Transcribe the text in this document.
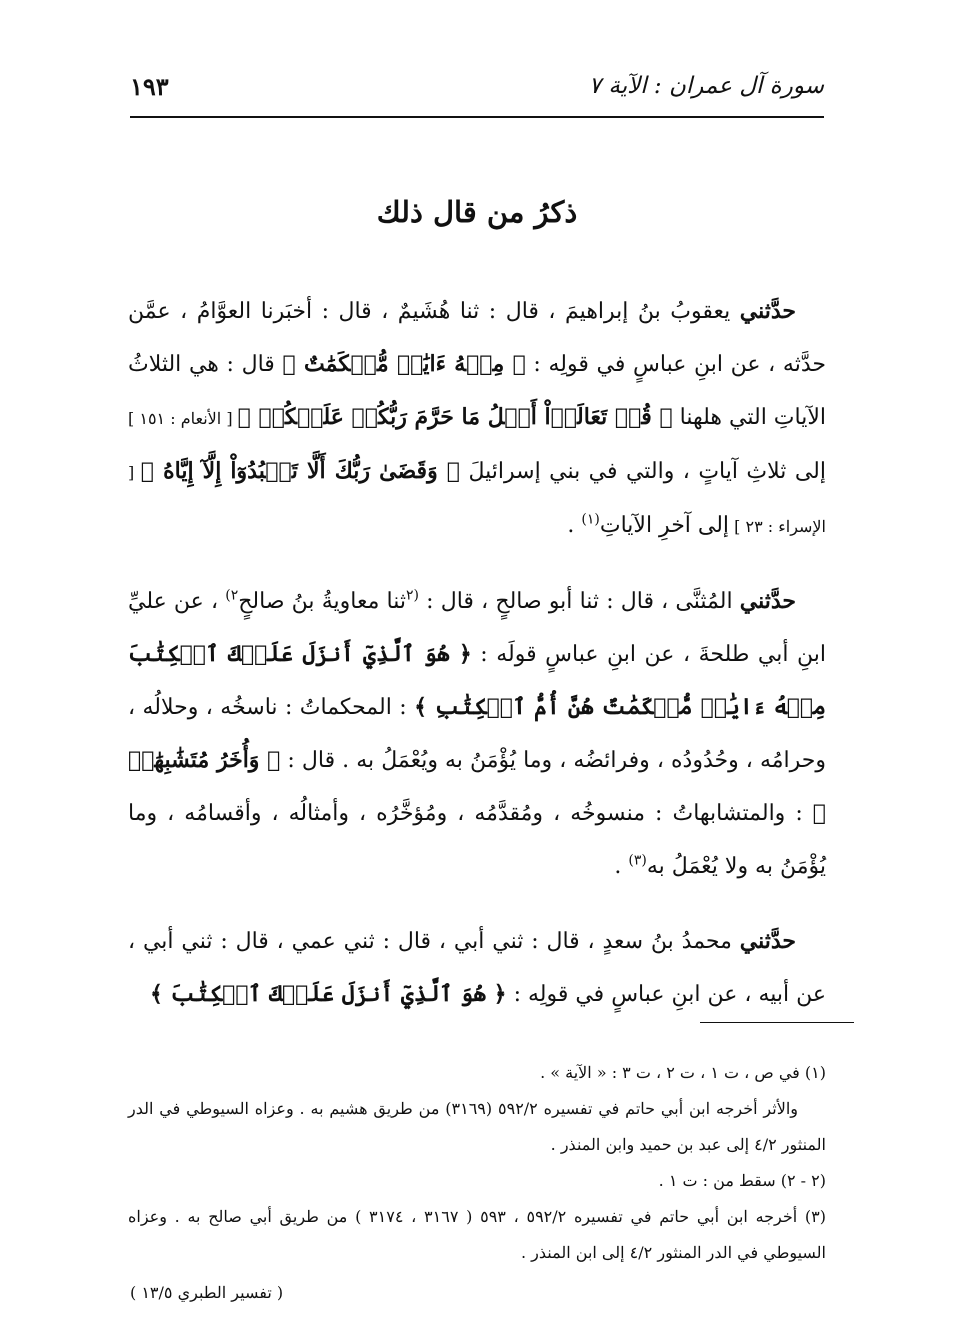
سورة آل عمران : الآية ٧
١٩٣
ذكرُ من قال ذلك

حدَّثني يعقوبُ بنُ إبراهيمَ ، قال : ثنا هُشَيمٌ ، قال : أخبَرنا العوَّامُ ، عمَّن حدَّثه ، عن ابنِ عباسٍ في قولِه : ﴿ مِنۡهُ ءَايَٰتٞ مُّحۡكَمَٰتٌ ﴾ قال : هي الثلاثُ الآياتِ التي هلهنا ﴿ قُلۡ تَعَالَوۡاْ أَتۡلُ مَا حَرَّمَ رَبُّكُمۡ عَلَيۡكُمۡ ﴾ [ الأنعام : ١٥١ ] إلى ثلاثِ آياتٍ ، والتي في بني إسرائيلَ ﴿ وَقَضَىٰ رَبُّكَ أَلَّا تَعۡبُدُوٓاْ إِلَّآ إِيَّاهُ ﴾ [ الإسراء : ٢٣ ] إلى آخرِ الآياتِ$^{(١)}$ .

حدَّثني المُثنَّى ، قال : ثنا أبو صالحٍ ، قال : $^{(٢}$ثنا معاويةُ بنُ صالحٍ$^{٢)}$ ، عن عليِّ ابنِ أبي طلحةَ ، عن ابنِ عباسٍ قولَه : ﴿ هُوَ ٱلَّذِيٓ أَنزَلَ عَلَيۡكَ ٱلۡكِتَٰبَ مِنۡهُ ءَايَٰتٞ مُّحۡكَمَٰتٌ هُنَّ أُمُّ ٱلۡكِتَٰبِ ﴾ : المحكماتُ : ناسخُه ، وحلالُه ، وحرامُه ، وحُدُودُه ، وفرائضُه ، وما يُؤْمَنُ به ويُعْمَلُ به . قال : ﴿ وَأُخَرُ مُتَشَٰبِهَٰتٞ ﴾ : والمتشابهاتُ : منسوخُه ، ومُقدَّمُه ، ومُؤخَّرُه ، وأمثالُه ، وأقسامُه ، وما يُؤْمَنُ به ولا يُعْمَلُ به$^{(٣)}$ .

حدَّثني محمدُ بنُ سعدٍ ، قال : ثني أبي ، قال : ثني عمي ، قال : ثني أبي ، عن أبيه ، عن ابنِ عباسٍ في قولِه : ﴿ هُوَ ٱلَّذِيٓ أَنزَلَ عَلَيۡكَ ٱلۡكِتَٰبَ ﴾

(١) في ص ، ت ١ ، ت ٢ ، ت ٣ : « الآية » .

والأثر أخرجه ابن أبي حاتم في تفسيره ٥٩٢/٢ (٣١٦٩) من طريق هشيم به . وعزاه السيوطي في الدر المنثور ٤/٢ إلى عبد بن حميد وابن المنذر .

(٢ - ٢) سقط من : ت ١ .

(٣) أخرجه ابن أبي حاتم في تفسيره ٥٩٢/٢ ، ٥٩٣ ( ٣١٦٧ ، ٣١٧٤ ) من طريق أبي صالح به . وعزاه السيوطي في الدر المنثور ٤/٢ إلى ابن المنذر .

( تفسير الطبري ١٣/٥ )
